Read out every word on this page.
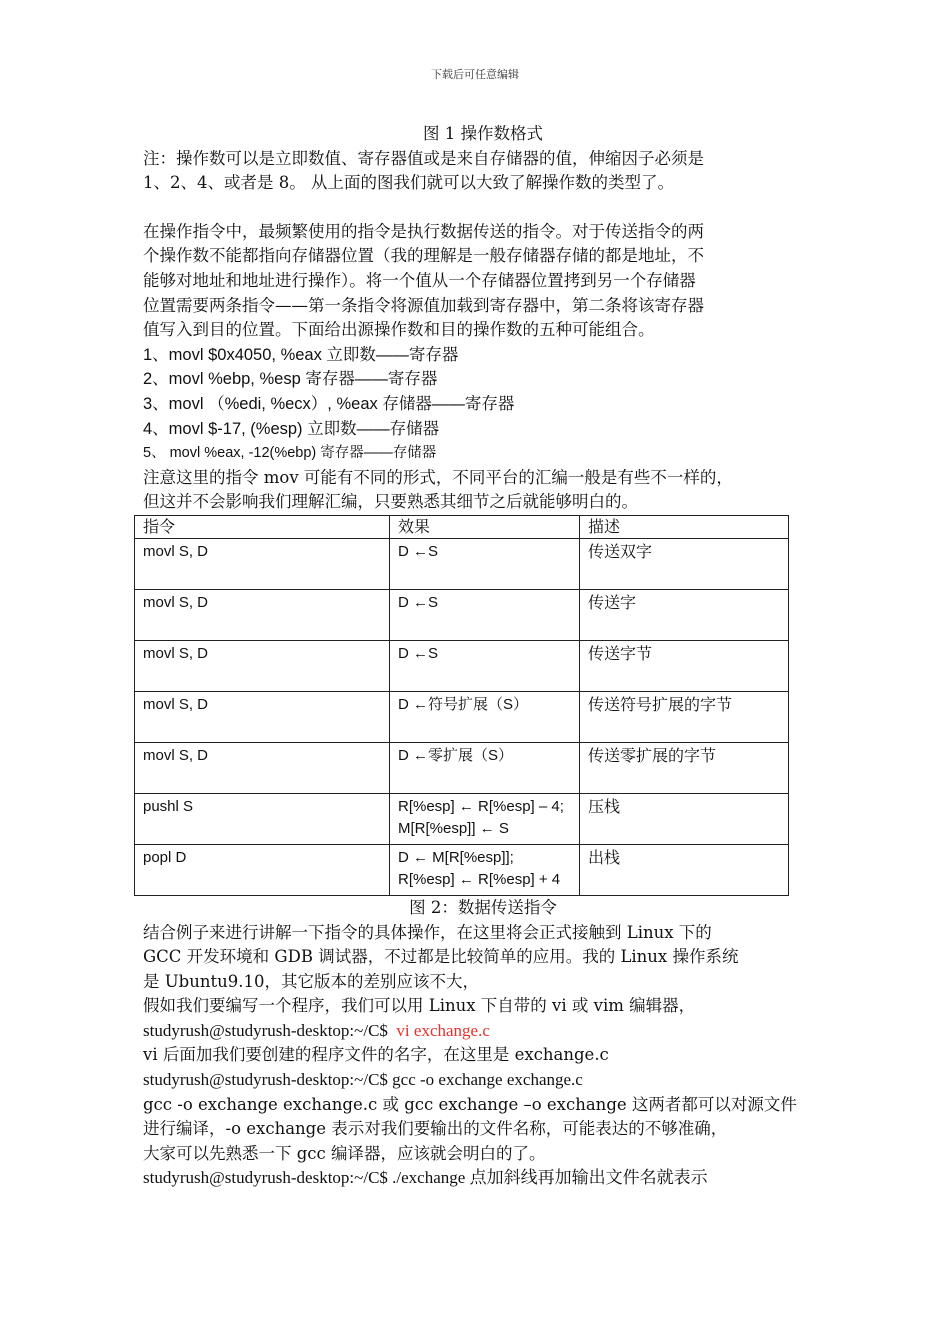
下载后可任意编辑
图 1 操作数格式
注：操作数可以是立即数值、寄存器值或是来自存储器的值，伸缩因子必须是
1、2、4、或者是 8。 从上面的图我们就可以大致了解操作数的类型了。
在操作指令中，最频繁使用的指令是执行数据传送的指令。对于传送指令的两
个操作数不能都指向存储器位置（我的理解是一般存储器存储的都是地址，不
能够对地址和地址进行操作）。将一个值从一个存储器位置拷到另一个存储器
位置需要两条指令——第一条指令将源值加载到寄存器中，第二条将该寄存器
值写入到目的位置。下面给出源操作数和目的操作数的五种可能组合。
1、movl $0x4050, %eax 立即数——寄存器
2、movl %ebp, %esp 寄存器——寄存器
3、movl （%edi, %ecx）, %eax 存储器——寄存器
4、movl $-17, (%esp) 立即数——存储器
5、 movl %eax, -12(%ebp) 寄存器——存储器
注意这里的指令 mov 可能有不同的形式，不同平台的汇编一般是有些不一样的，
但这并不会影响我们理解汇编，只要熟悉其细节之后就能够明白的。
指令	效果	描述
movl S, D	D ←S	传送双字
movl S, D	D ←S	传送字
movl S, D	D ←S	传送字节
movl S, D	D ←符号扩展（S）	传送符号扩展的字节
movl S, D	D ←零扩展（S）	传送零扩展的字节
pushl S	R[%esp] ← R[%esp] – 4;
M[R[%esp]] ← S	压栈
popl D	D ← M[R[%esp]];
R[%esp] ← R[%esp] + 4	出栈
图 2：数据传送指令
结合例子来进行讲解一下指令的具体操作，在这里将会正式接触到 Linux 下的
GCC 开发环境和 GDB 调试器，不过都是比较简单的应用。我的 Linux 操作系统
是 Ubuntu9.10，其它版本的差别应该不大，
假如我们要编写一个程序，我们可以用 Linux 下自带的 vi 或 vim 编辑器，
studyrush@studyrush-desktop:~/C$ vi exchange.c
vi 后面加我们要创建的程序文件的名字，在这里是 exchange.c
studyrush@studyrush-desktop:~/C$ gcc -o exchange exchange.c
gcc -o exchange exchange.c 或 gcc exchange –o exchange 这两者都可以对源文件
进行编译，-o exchange 表示对我们要输出的文件名称，可能表达的不够准确，
大家可以先熟悉一下 gcc 编译器，应该就会明白的了。
studyrush@studyrush-desktop:~/C$ ./exchange 点加斜线再加输出文件名就表示
